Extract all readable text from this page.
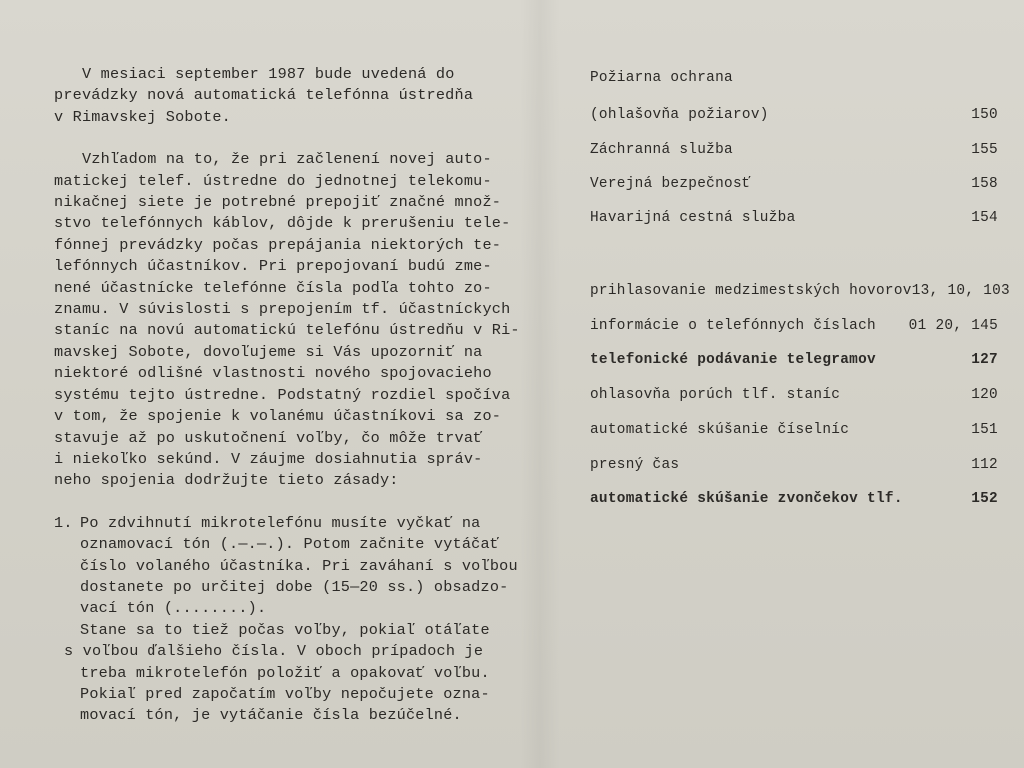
V mesiaci september 1987 bude uvedená do
prevádzky nová automatická telefónna ústredňa
v Rimavskej Sobote.

Vzhľadom na to, že pri začlenení novej auto-
matickej telef. ústredne do jednotnej telekomu-
nikačnej siete je potrebné prepojiť značné množ-
stvo telefónnych káblov, dôjde k prerušeniu tele-
fónnej prevádzky počas prepájania niektorých te-
lefónnych účastníkov. Pri prepojovaní budú zme-
nené účastnícke telefónne čísla podľa tohto zo-
znamu. V súvislosti s prepojením tf. účastníckych
staníc na novú automatickú telefónu ústredňu v Ri-
mavskej Sobote, dovoľujeme si Vás upozorniť na
niektoré odlišné vlastnosti nového spojovacieho
systému tejto ústredne. Podstatný rozdiel spočíva
v tom, že spojenie k volanému účastníkovi sa zo-
stavuje až po uskutočnení voľby, čo môže trvať
i niekoľko sekúnd. V záujme dosiahnutia správ-
neho spojenia dodržujte tieto zásady:

1. Po zdvihnutí mikrotelefónu musíte vyčkať na
oznamovací tón (.—.—.). Potom začnite vytáčať
číslo volaného účastníka. Pri zaváhaní s voľbou
dostanete po určitej dobe (15—20 ss.) obsadzo-
vací tón (........).
Stane sa to tiež počas voľby, pokiaľ otáľate
s voľbou ďalšieho čísla. V oboch prípadoch je
treba mikrotelefón položiť a opakovať voľbu.
Pokiaľ pred započatím voľby nepočujete ozna-
movací tón, je vytáčanie čísla bezúčelné.
Požiarna ochrana
(ohlašovňa požiarov)	150
Záchranná služba	155
Verejná bezpečnosť	158
Havarijná cestná služba	154
prihlasovanie medzimestských hovorov 13, 10, 103
informácie o telefónnych číslach 01 20, 145
telefonické podávanie telegramov	127
ohlasovňa porúch tlf. staníc	120
automatické skúšanie číselníc	151
presný čas	112
automatické skúšanie zvončekov tlf.	152
